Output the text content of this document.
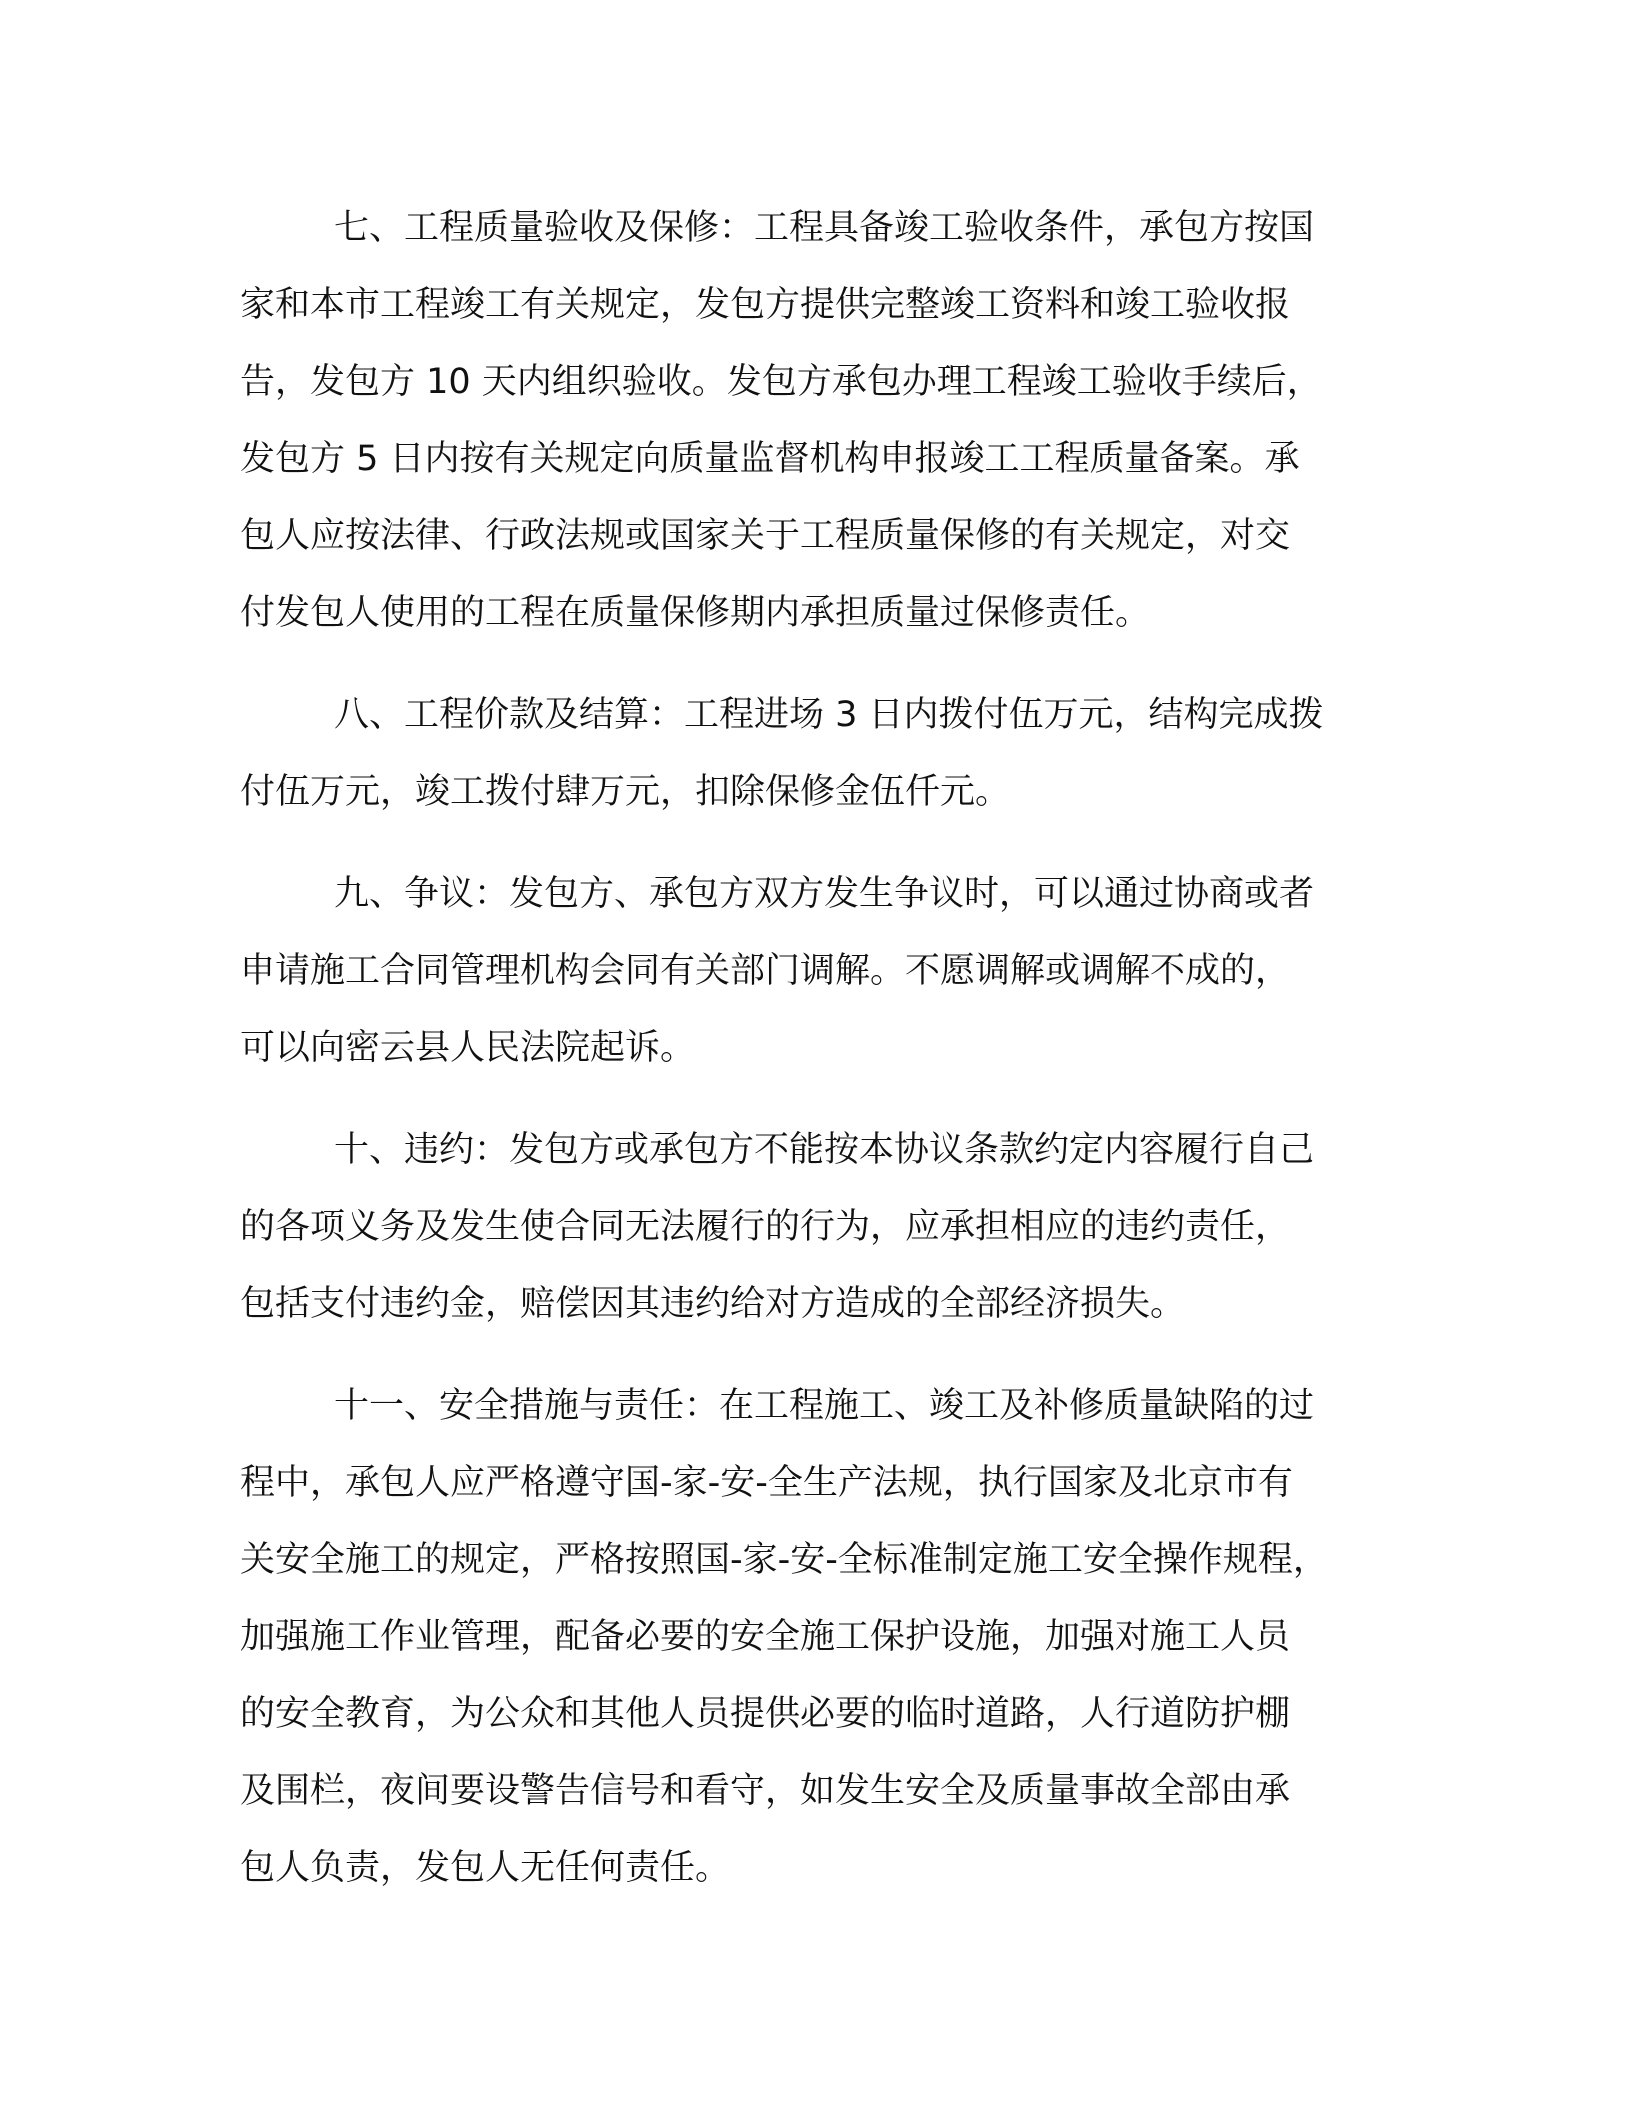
七、工程质量验收及保修：工程具备竣工验收条件，承包方按国
家和本市工程竣工有关规定，发包方提供完整竣工资料和竣工验收报
告，发包方 10 天内组织验收。发包方承包办理工程竣工验收手续后，
发包方 5 日内按有关规定向质量监督机构申报竣工工程质量备案。承
包人应按法律、行政法规或国家关于工程质量保修的有关规定，对交
付发包人使用的工程在质量保修期内承担质量过保修责任。
八、工程价款及结算：工程进场 3 日内拨付伍万元，结构完成拨
付伍万元，竣工拨付肆万元，扣除保修金伍仟元。
九、争议：发包方、承包方双方发生争议时，可以通过协商或者
申请施工合同管理机构会同有关部门调解。不愿调解或调解不成的，
可以向密云县人民法院起诉。
十、违约：发包方或承包方不能按本协议条款约定内容履行自己
的各项义务及发生使合同无法履行的行为，应承担相应的违约责任，
包括支付违约金，赔偿因其违约给对方造成的全部经济损失。
十一、安全措施与责任：在工程施工、竣工及补修质量缺陷的过
程中，承包人应严格遵守国-家-安-全生产法规，执行国家及北京市有
关安全施工的规定，严格按照国-家-安-全标准制定施工安全操作规程，
加强施工作业管理，配备必要的安全施工保护设施，加强对施工人员
的安全教育，为公众和其他人员提供必要的临时道路，人行道防护棚
及围栏，夜间要设警告信号和看守，如发生安全及质量事故全部由承
包人负责，发包人无任何责任。
